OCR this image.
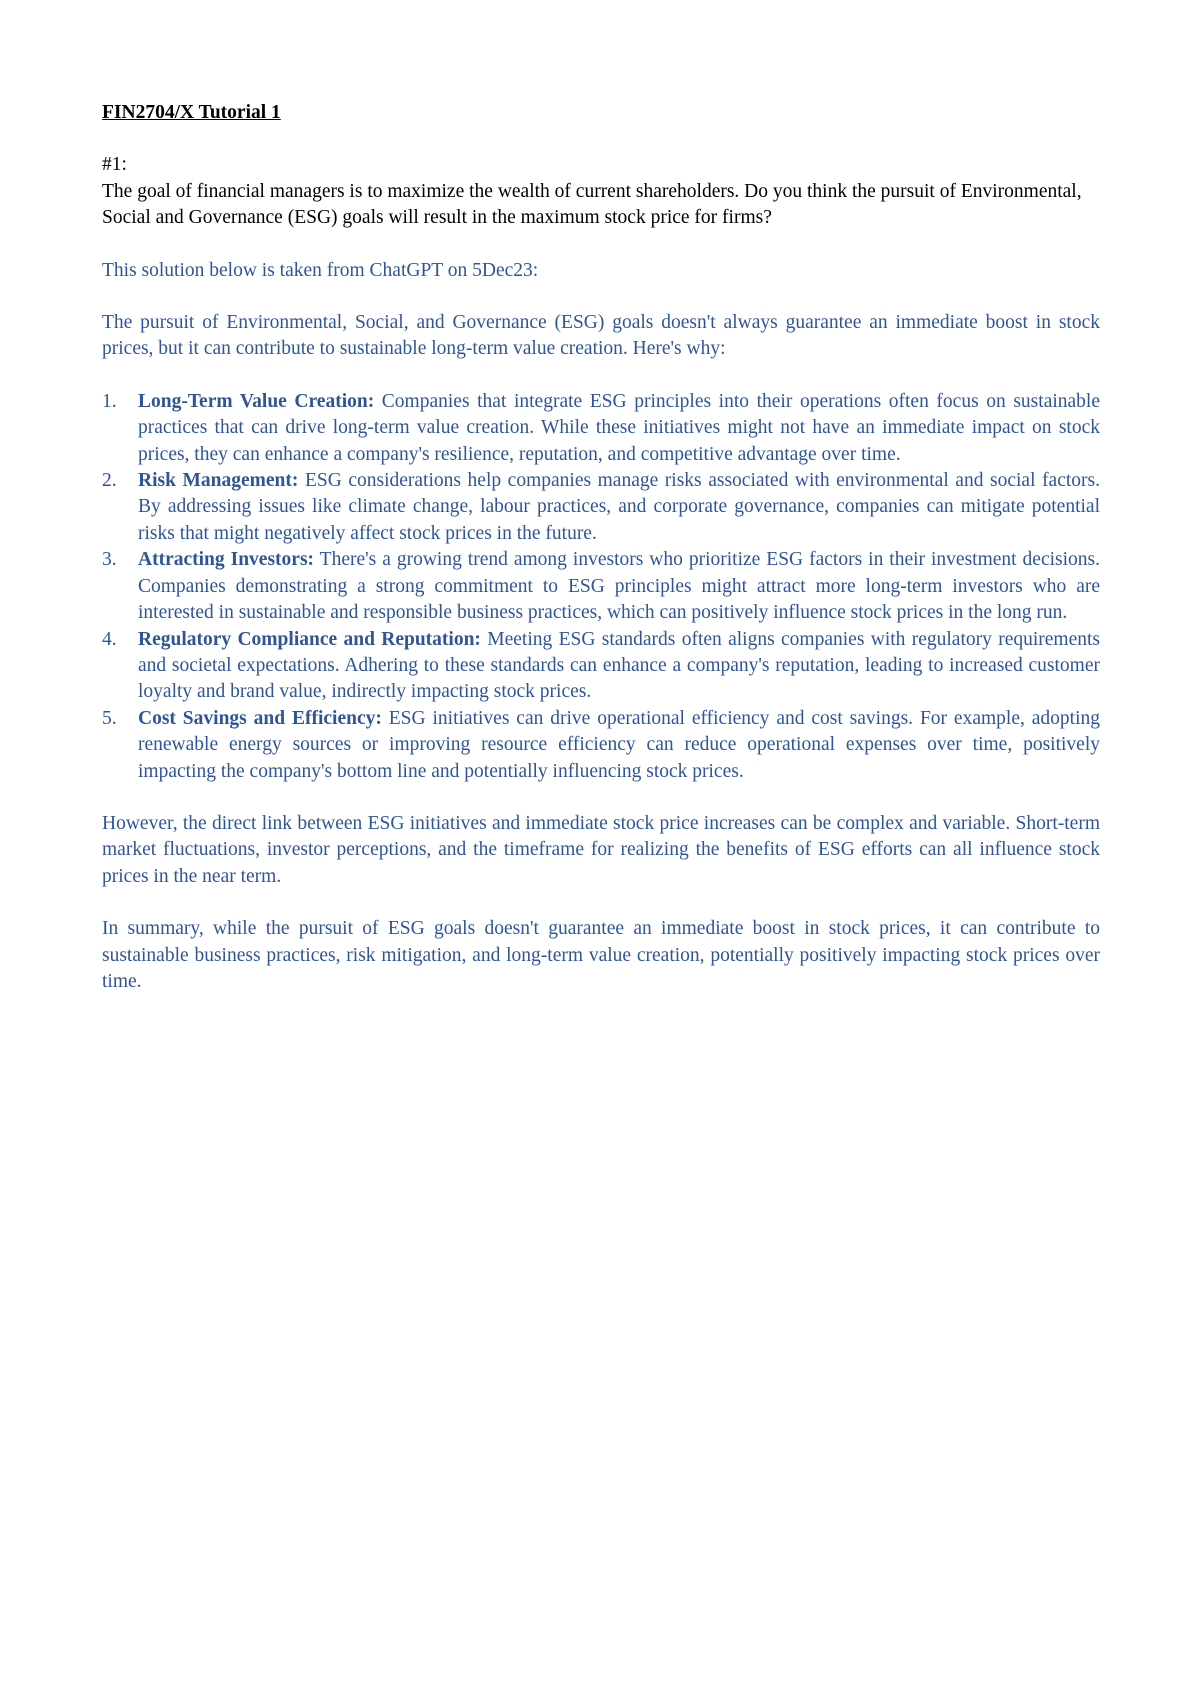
FIN2704/X Tutorial 1
#1:
The goal of financial managers is to maximize the wealth of current shareholders. Do you think the pursuit of Environmental, Social and Governance (ESG) goals will result in the maximum stock price for firms?
This solution below is taken from ChatGPT on 5Dec23:
The pursuit of Environmental, Social, and Governance (ESG) goals doesn't always guarantee an immediate boost in stock prices, but it can contribute to sustainable long-term value creation. Here's why:
1. Long-Term Value Creation: Companies that integrate ESG principles into their operations often focus on sustainable practices that can drive long-term value creation. While these initiatives might not have an immediate impact on stock prices, they can enhance a company's resilience, reputation, and competitive advantage over time.
2. Risk Management: ESG considerations help companies manage risks associated with environmental and social factors. By addressing issues like climate change, labour practices, and corporate governance, companies can mitigate potential risks that might negatively affect stock prices in the future.
3. Attracting Investors: There's a growing trend among investors who prioritize ESG factors in their investment decisions. Companies demonstrating a strong commitment to ESG principles might attract more long-term investors who are interested in sustainable and responsible business practices, which can positively influence stock prices in the long run.
4. Regulatory Compliance and Reputation: Meeting ESG standards often aligns companies with regulatory requirements and societal expectations. Adhering to these standards can enhance a company's reputation, leading to increased customer loyalty and brand value, indirectly impacting stock prices.
5. Cost Savings and Efficiency: ESG initiatives can drive operational efficiency and cost savings. For example, adopting renewable energy sources or improving resource efficiency can reduce operational expenses over time, positively impacting the company's bottom line and potentially influencing stock prices.

However, the direct link between ESG initiatives and immediate stock price increases can be complex and variable. Short-term market fluctuations, investor perceptions, and the timeframe for realizing the benefits of ESG efforts can all influence stock prices in the near term.

In summary, while the pursuit of ESG goals doesn't guarantee an immediate boost in stock prices, it can contribute to sustainable business practices, risk mitigation, and long-term value creation, potentially positively impacting stock prices over time.
